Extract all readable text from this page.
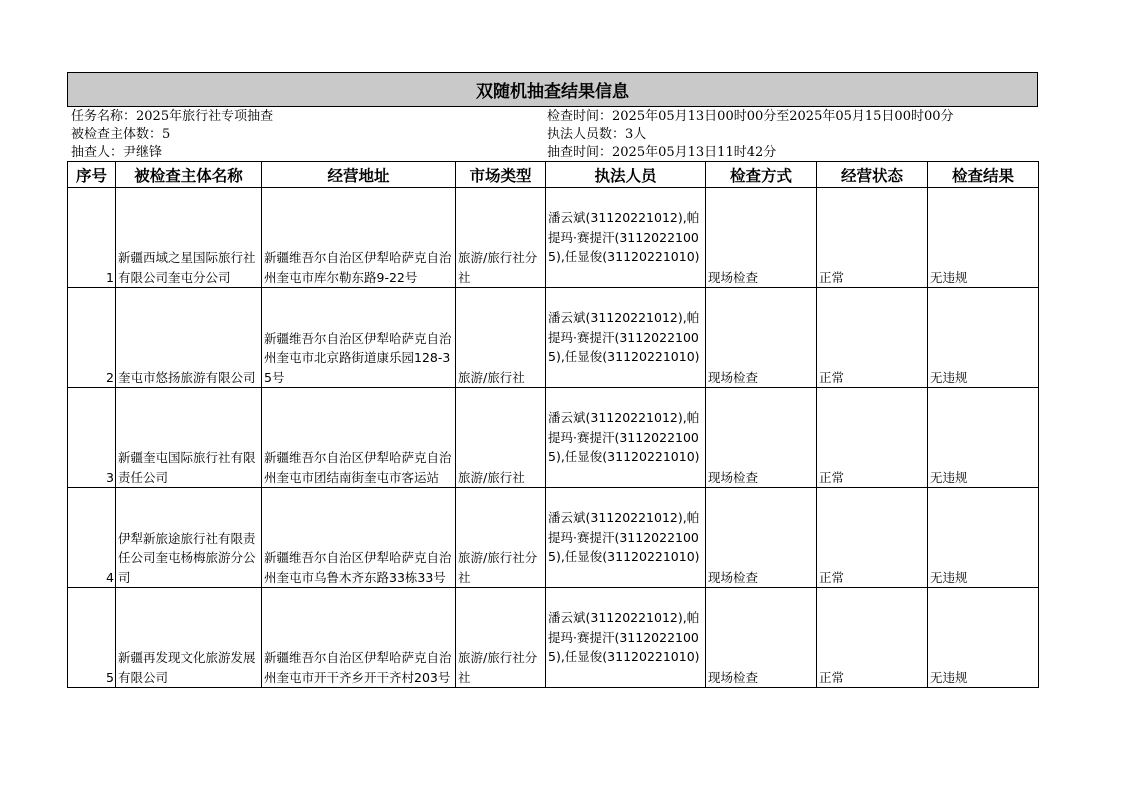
双随机抽查结果信息
任务名称：2025年旅行社专项抽查
被检查主体数：5
抽查人：尹继锋
检查时间：2025年05月13日00时00分至2025年05月15日00时00分
执法人员数：3人
抽查时间：2025年05月13日11时42分
序号	被检查主体名称	经营地址	市场类型	执法人员	检查方式	经营状态	检查结果
1	新疆西域之星国际旅行社有限公司奎屯分公司	新疆维吾尔自治区伊犁哈萨克自治州奎屯市库尔勒东路9-22号	旅游/旅行社分社	潘云斌(31120221012),帕提玛·赛提汗(31120221005),任显俊(31120221010)	现场检查	正常	无违规
2	奎屯市悠扬旅游有限公司	新疆维吾尔自治区伊犁哈萨克自治州奎屯市北京路街道康乐园128-35号	旅游/旅行社	潘云斌(31120221012),帕提玛·赛提汗(31120221005),任显俊(31120221010)	现场检查	正常	无违规
3	新疆奎屯国际旅行社有限责任公司	新疆维吾尔自治区伊犁哈萨克自治州奎屯市团结南街奎屯市客运站	旅游/旅行社	潘云斌(31120221012),帕提玛·赛提汗(31120221005),任显俊(31120221010)	现场检查	正常	无违规
4	伊犁新旅途旅行社有限责任公司奎屯杨梅旅游分公司	新疆维吾尔自治区伊犁哈萨克自治州奎屯市乌鲁木齐东路33栋33号	旅游/旅行社分社	潘云斌(31120221012),帕提玛·赛提汗(31120221005),任显俊(31120221010)	现场检查	正常	无违规
5	新疆再发现文化旅游发展有限公司	新疆维吾尔自治区伊犁哈萨克自治州奎屯市开干齐乡开干齐村203号	旅游/旅行社分社	潘云斌(31120221012),帕提玛·赛提汗(31120221005),任显俊(31120221010)	现场检查	正常	无违规
